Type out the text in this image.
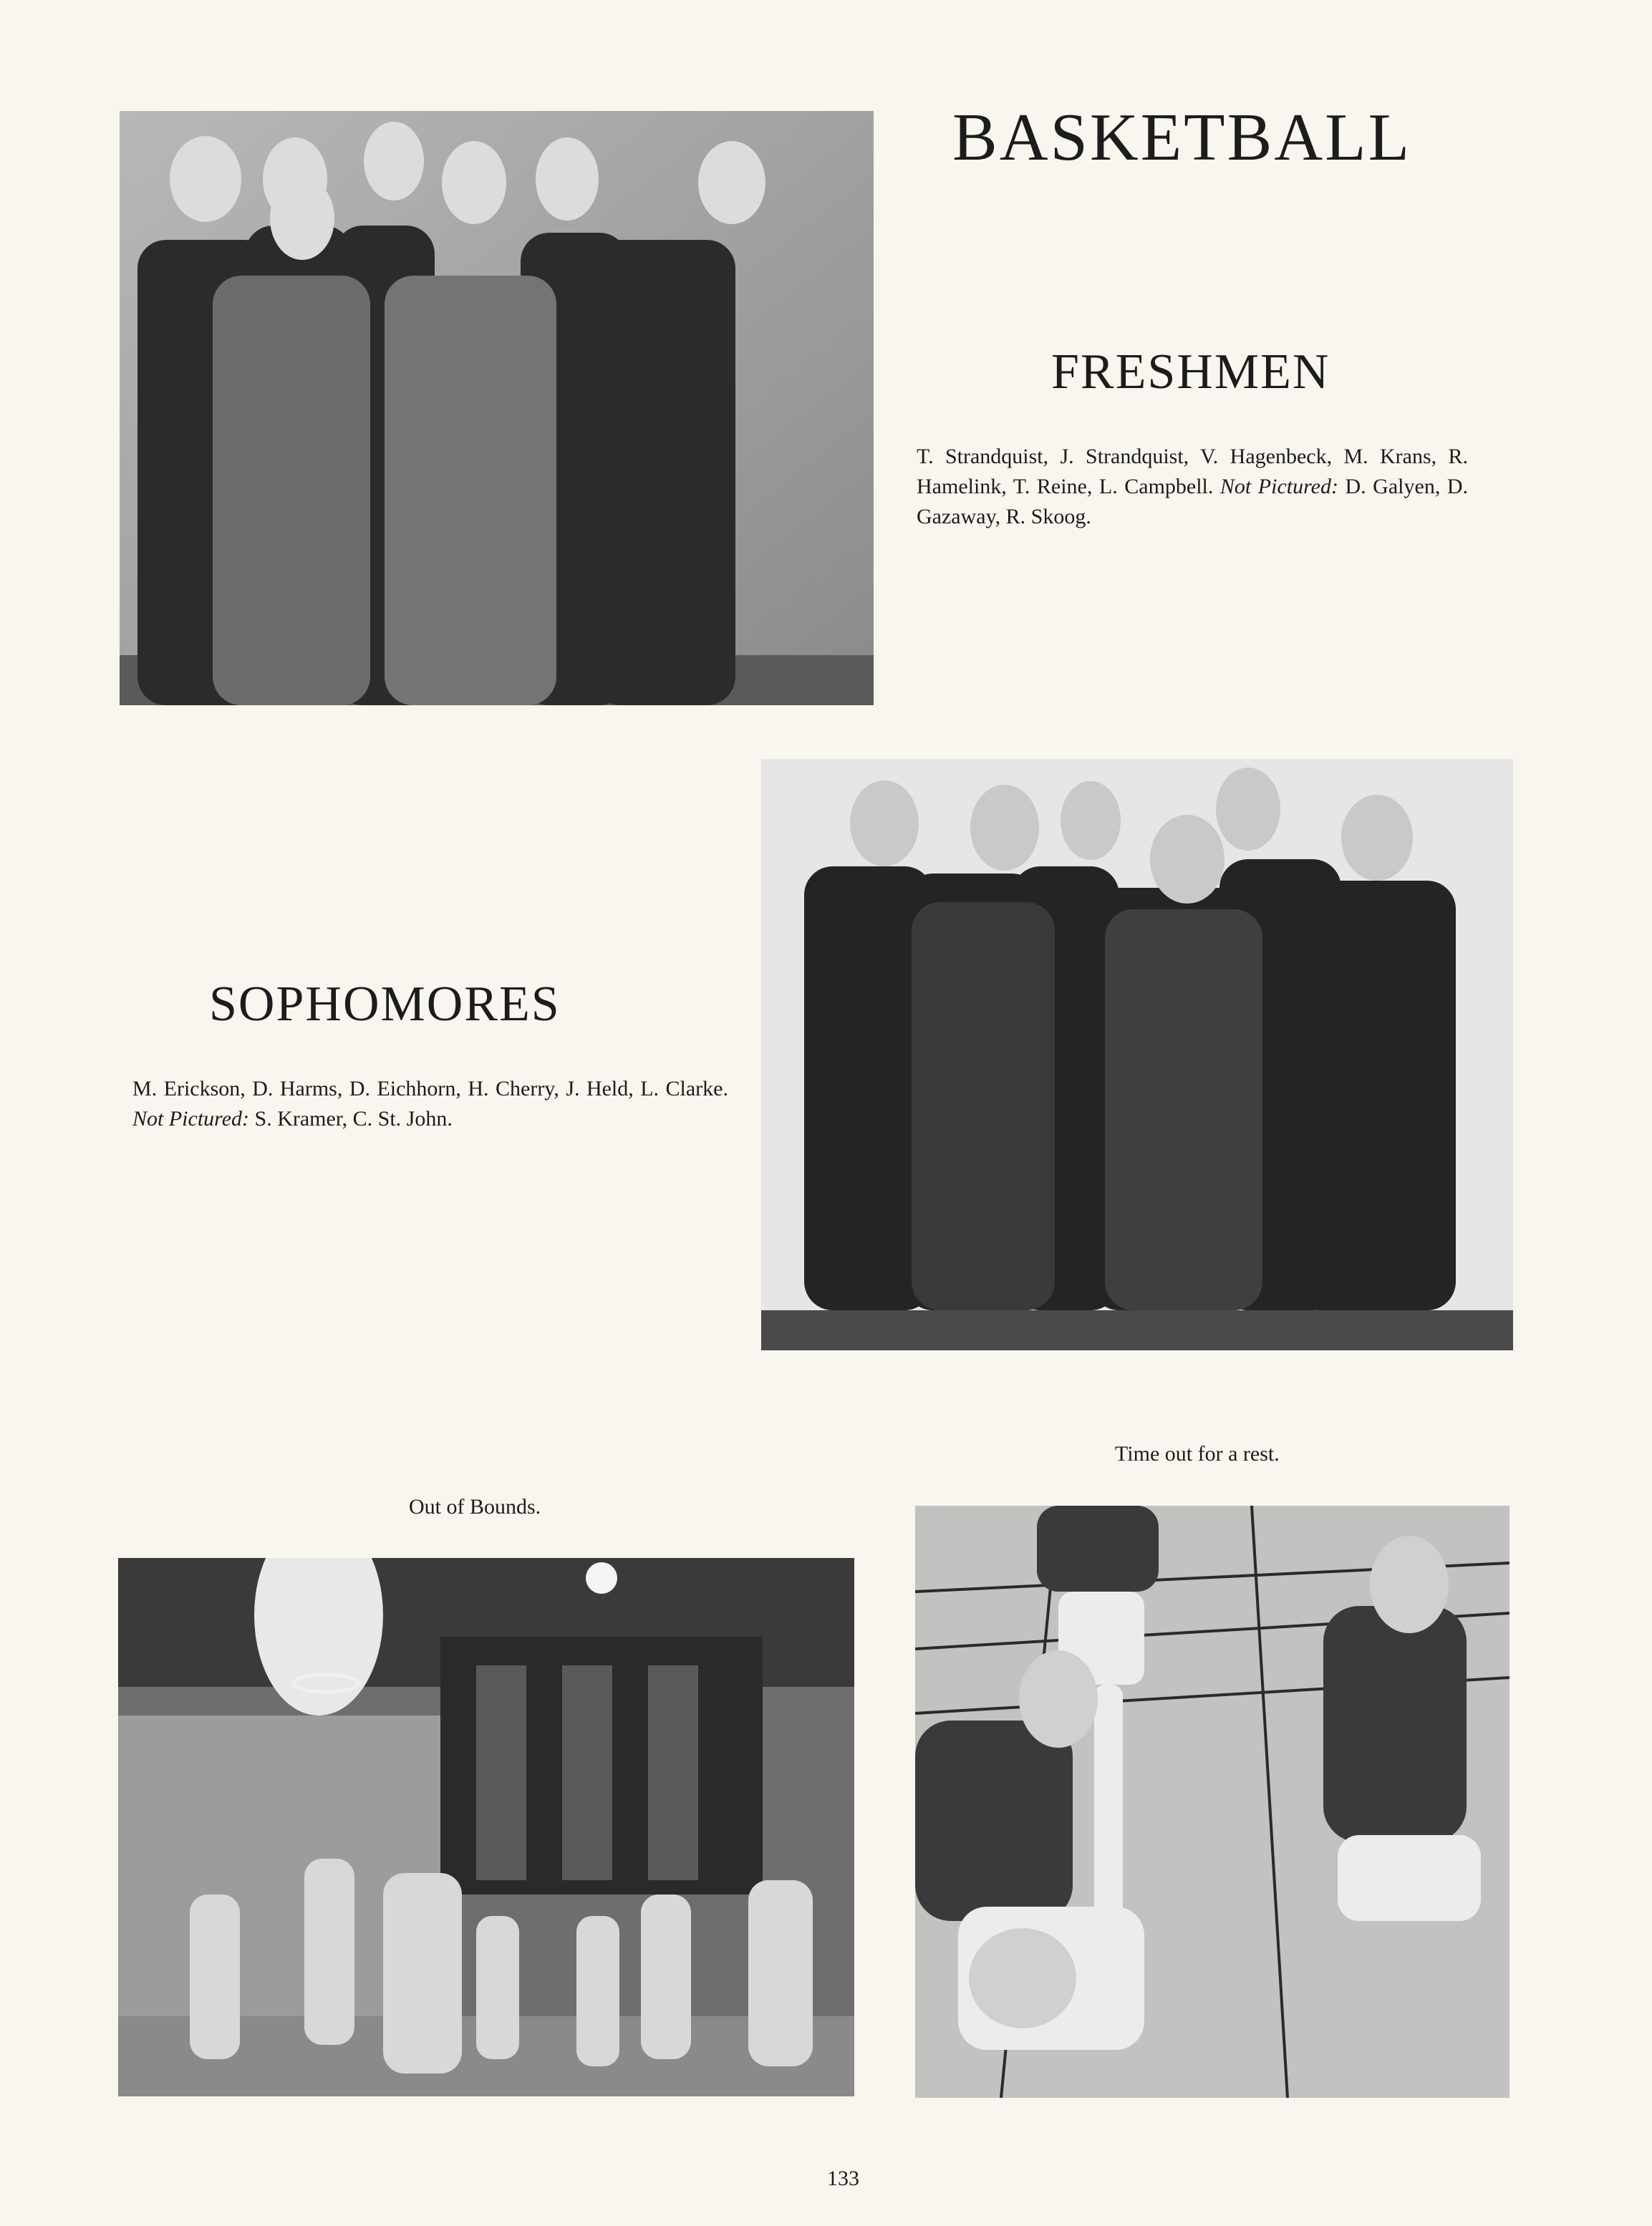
BASKETBALL
FRESHMEN

T. Strandquist, J. Strandquist, V. Hagenbeck, M. Krans, R. Hamelink, T. Reine, L. Campbell. Not Pictured: D. Galyen, D. Gazaway, R. Skoog.

SOPHOMORES

M. Erickson, D. Harms, D. Eichhorn, H. Cherry, J. Held, L. Clarke. Not Pictured: S. Kramer, C. St. John.

Time out for a rest.

Out of Bounds.

133
